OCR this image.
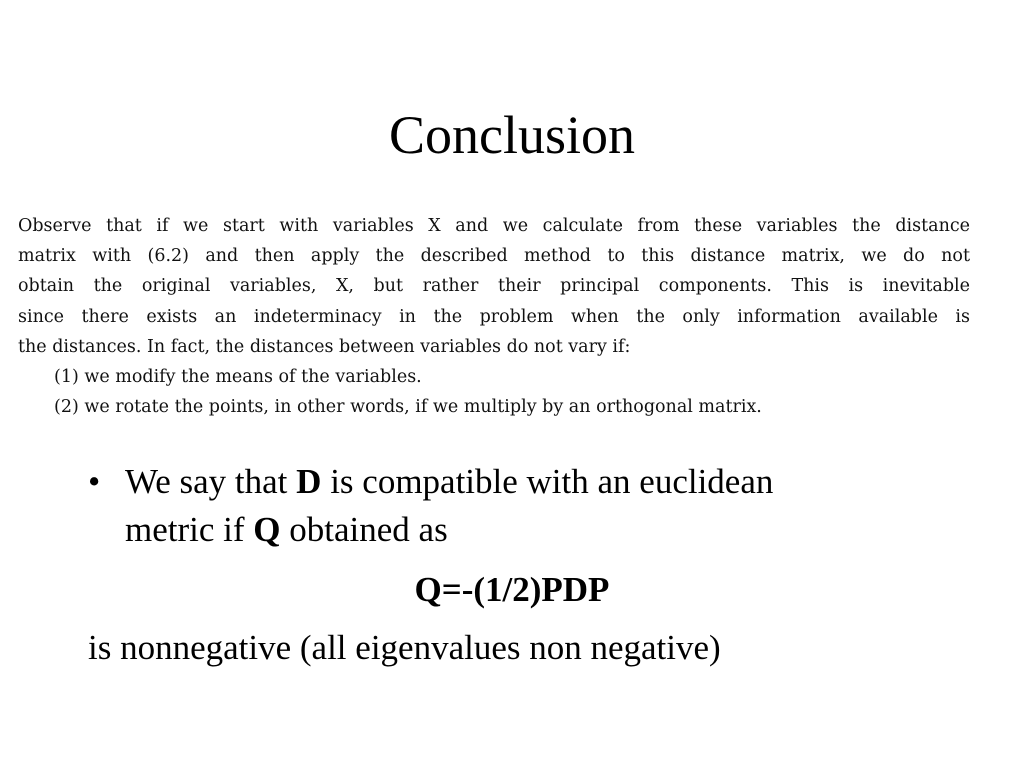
Conclusion
Observe that if we start with variables X and we calculate from these variables the distance
matrix with (6.2) and then apply the described method to this distance matrix, we do not
obtain the original variables, X, but rather their principal components. This is inevitable
since there exists an indeterminacy in the problem when the only information available is
the distances. In fact, the distances between variables do not vary if:
(1) we modify the means of the variables.
(2) we rotate the points, in other words, if we multiply by an orthogonal matrix.
• We say that D is compatible with an euclidean metric if Q obtained as
Q=-(1/2)PDP
is nonnegative (all eigenvalues non negative)
